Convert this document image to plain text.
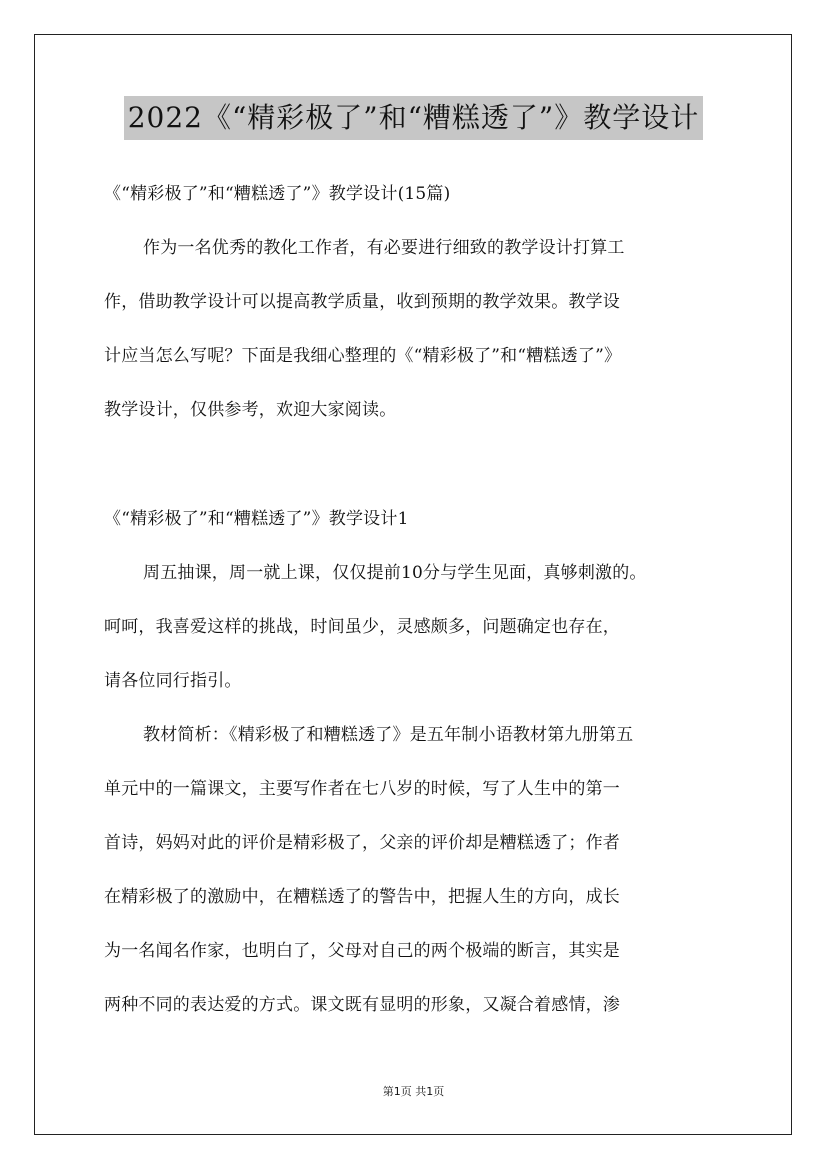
2022《“精彩极了”和“糟糕透了”》教学设计
《“精彩极了”和“糟糕透了”》教学设计(15篇)
作为一名优秀的教化工作者，有必要进行细致的教学设计打算工
作，借助教学设计可以提高教学质量，收到预期的教学效果。教学设
计应当怎么写呢？下面是我细心整理的《“精彩极了”和“糟糕透了”》
教学设计，仅供参考，欢迎大家阅读。
《“精彩极了”和“糟糕透了”》教学设计1
周五抽课，周一就上课，仅仅提前10分与学生见面，真够刺激的。
呵呵，我喜爱这样的挑战，时间虽少，灵感颇多，问题确定也存在，
请各位同行指引。
教材简析：《精彩极了和糟糕透了》是五年制小语教材第九册第五
单元中的一篇课文，主要写作者在七八岁的时候，写了人生中的第一
首诗，妈妈对此的评价是精彩极了，父亲的评价却是糟糕透了；作者
在精彩极了的激励中，在糟糕透了的警告中，把握人生的方向，成长
为一名闻名作家，也明白了，父母对自己的两个极端的断言，其实是
两种不同的表达爱的方式。课文既有显明的形象，又凝合着感情，渗
第1页 共1页
